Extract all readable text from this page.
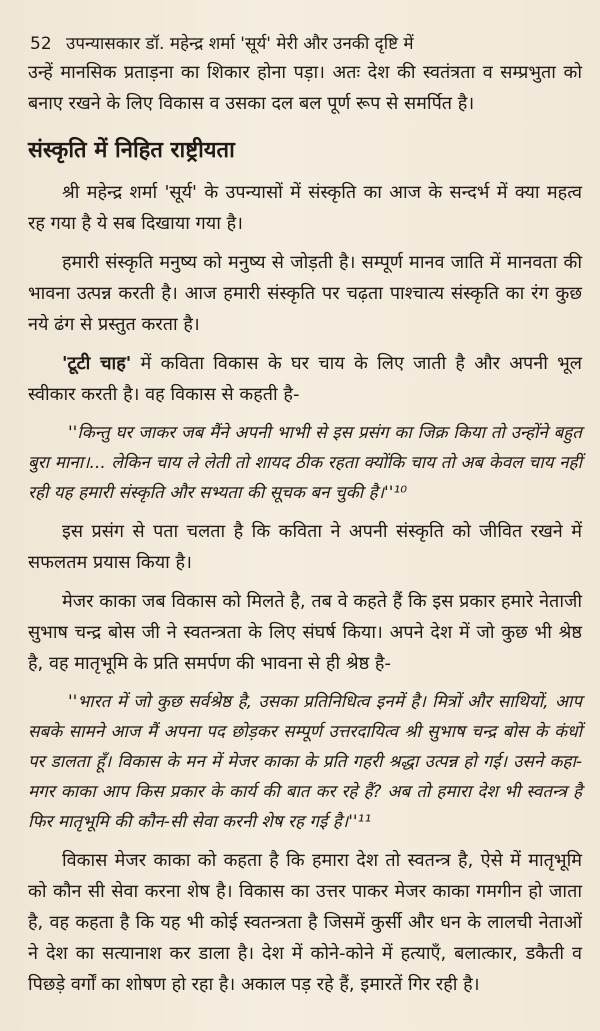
52 उपन्यासकार डॉ. महेन्द्र शर्मा 'सूर्य' मेरी और उनकी दृष्टि में

उन्हें मानसिक प्रताड़ना का शिकार होना पड़ा। अतः देश की स्वतंत्रता व सम्प्रभुता को बनाए रखने के लिए विकास व उसका दल बल पूर्ण रूप से समर्पित है।

संस्कृति में निहित राष्ट्रीयता

श्री महेन्द्र शर्मा 'सूर्य' के उपन्यासों में संस्कृति का आज के सन्दर्भ में क्या महत्व रह गया है ये सब दिखाया गया है।

हमारी संस्कृति मनुष्य को मनुष्य से जोड़ती है। सम्पूर्ण मानव जाति में मानवता की भावना उत्पन्न करती है। आज हमारी संस्कृति पर चढ़ता पाश्चात्य संस्कृति का रंग कुछ नये ढंग से प्रस्तुत करता है।

'टूटी चाह' में कविता विकास के घर चाय के लिए जाती है और अपनी भूल स्वीकार करती है। वह विकास से कहती है-

''किन्तु घर जाकर जब मैंने अपनी भाभी से इस प्रसंग का जिक्र किया तो उन्होंने बहुत बुरा माना।... लेकिन चाय ले लेती तो शायद ठीक रहता क्योंकि चाय तो अब केवल चाय नहीं रही यह हमारी संस्कृति और सभ्यता की सूचक बन चुकी है।''¹⁰

इस प्रसंग से पता चलता है कि कविता ने अपनी संस्कृति को जीवित रखने में सफलतम प्रयास किया है।

मेजर काका जब विकास को मिलते है, तब वे कहते हैं कि इस प्रकार हमारे नेताजी सुभाष चन्द्र बोस जी ने स्वतन्त्रता के लिए संघर्ष किया। अपने देश में जो कुछ भी श्रेष्ठ है, वह मातृभूमि के प्रति समर्पण की भावना से ही श्रेष्ठ है-

''भारत में जो कुछ सर्वश्रेष्ठ है, उसका प्रतिनिधित्व इनमें है। मित्रों और साथियों, आप सबके सामने आज मैं अपना पद छोड़कर सम्पूर्ण उत्तरदायित्व श्री सुभाष चन्द्र बोस के कंधों पर डालता हूँ। विकास के मन में मेजर काका के प्रति गहरी श्रद्धा उत्पन्न हो गई। उसने कहा- मगर काका आप किस प्रकार के कार्य की बात कर रहे हैं? अब तो हमारा देश भी स्वतन्त्र है फिर मातृभूमि की कौन-सी सेवा करनी शेष रह गई है।''¹¹

विकास मेजर काका को कहता है कि हमारा देश तो स्वतन्त्र है, ऐसे में मातृभूमि को कौन सी सेवा करना शेष है। विकास का उत्तर पाकर मेजर काका गमगीन हो जाता है, वह कहता है कि यह भी कोई स्वतन्त्रता है जिसमें कुर्सी और धन के लालची नेताओं ने देश का सत्यानाश कर डाला है। देश में कोने-कोने में हत्याएँ, बलात्कार, डकैती व पिछड़े वर्गों का शोषण हो रहा है। अकाल पड़ रहे हैं, इमारतें गिर रही है।
